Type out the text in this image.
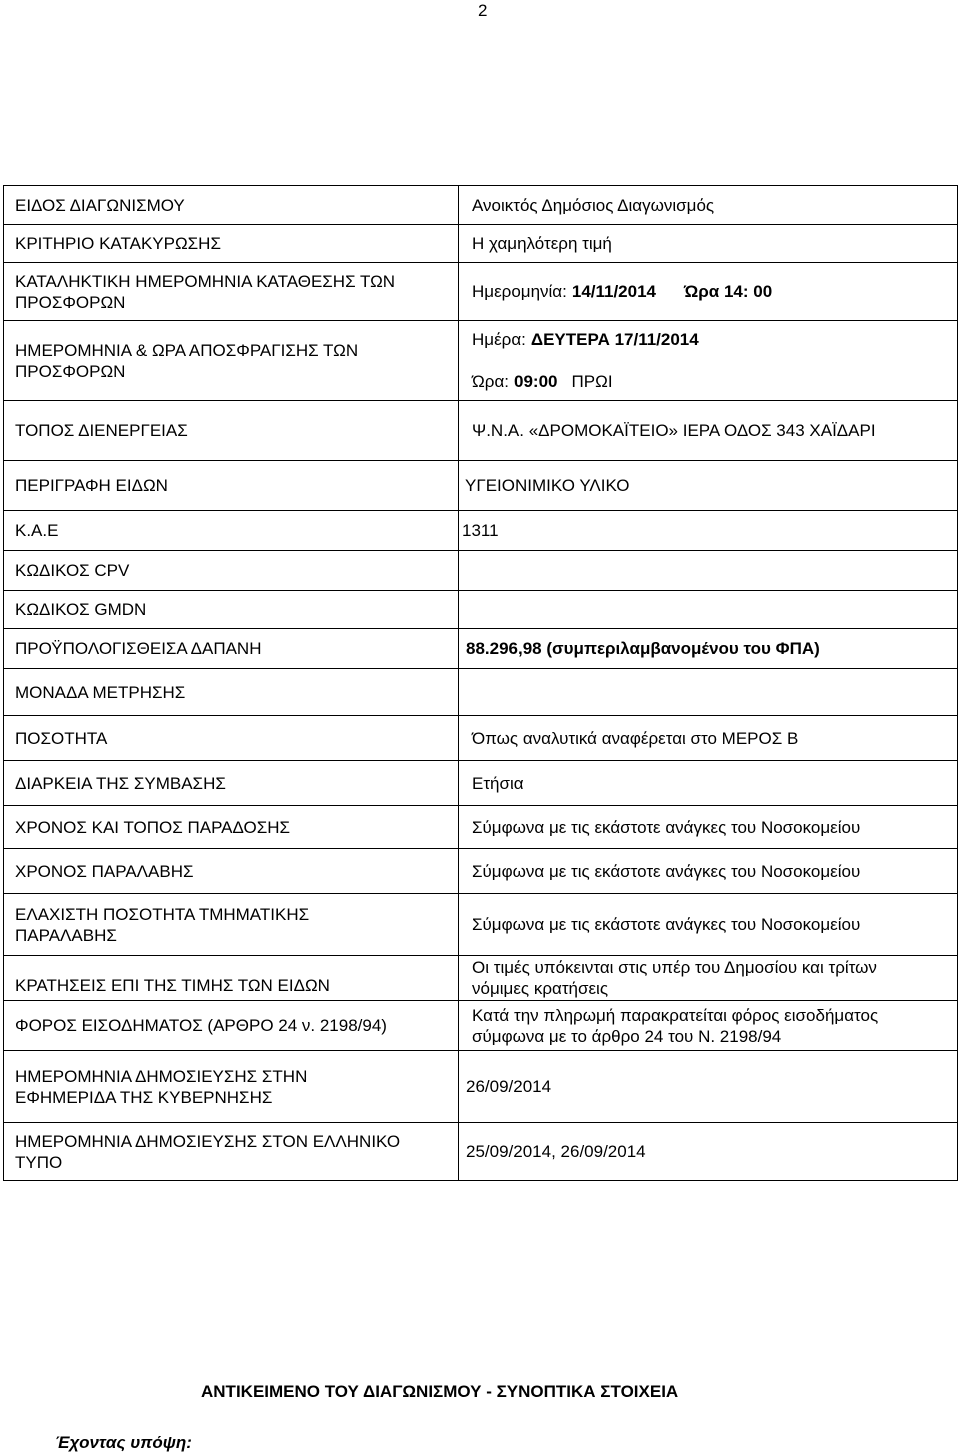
2
ΕΙΔΟΣ ΔΙΑΓΩΝΙΣΜΟΥ	Ανοικτός Δημόσιος Διαγωνισμός

ΚΡΙΤΗΡΙΟ ΚΑΤΑΚΥΡΩΣΗΣ	Η χαμηλότερη τιμή

ΚΑΤΑΛΗΚΤΙΚΗ ΗΜΕΡΟΜΗΝΙΑ ΚΑΤΑΘΕΣΗΣ ΤΩΝ
ΠΡΟΣΦΟΡΩΝ	Ημερομηνία: 14/11/2014 Ώρα 14: 00

ΗΜΕΡΟΜΗΝΙΑ & ΩΡΑ ΑΠΟΣΦΡΑΓΙΣΗΣ ΤΩΝ
ΠΡΟΣΦΟΡΩΝ	Ημέρα: ΔΕΥΤΕΡΑ 17/11/2014
Ώρα: 09:00 ΠΡΩΙ

ΤΟΠΟΣ ΔΙΕΝΕΡΓΕΙΑΣ	Ψ.Ν.Α. «ΔΡΟΜΟΚΑΪΤΕΙΟ» ΙΕΡΑ ΟΔΟΣ 343 ΧΑΪΔΑΡΙ

ΠΕΡΙΓΡΑΦΗ ΕΙΔΩΝ	ΥΓΕΙΟΝΙΜΙΚΟ ΥΛΙΚΟ

Κ.Α.Ε	1311

ΚΩΔΙΚΟΣ CPV	

ΚΩΔΙΚΟΣ GMDN	

ΠΡΟΫΠΟΛΟΓΙΣΘΕΙΣΑ ΔΑΠΑΝΗ	88.296,98 (συμπεριλαμβανομένου του ΦΠΑ)

ΜΟΝΑΔΑ ΜΕΤΡΗΣΗΣ	

ΠΟΣΟΤΗΤΑ	Όπως αναλυτικά αναφέρεται στο ΜΕΡΟΣ Β

ΔΙΑΡΚΕΙΑ ΤΗΣ ΣΥΜΒΑΣΗΣ	Ετήσια

ΧΡΟΝΟΣ ΚΑΙ ΤΟΠΟΣ ΠΑΡΑΔΟΣΗΣ	Σύμφωνα με τις εκάστοτε ανάγκες του Νοσοκομείου

ΧΡΟΝΟΣ ΠΑΡΑΛΑΒΗΣ	Σύμφωνα με τις εκάστοτε ανάγκες του Νοσοκομείου

ΕΛΑΧΙΣΤΗ ΠΟΣΟΤΗΤΑ ΤΜΗΜΑΤΙΚΗΣ
ΠΑΡΑΛΑΒΗΣ	Σύμφωνα με τις εκάστοτε ανάγκες του Νοσοκομείου

ΚΡΑΤΗΣΕΙΣ ΕΠΙ ΤΗΣ ΤΙΜΗΣ ΤΩΝ ΕΙΔΩΝ	Οι τιμές υπόκεινται στις υπέρ του Δημοσίου και τρίτων
νόμιμες κρατήσεις

ΦΟΡΟΣ ΕΙΣΟΔΗΜΑΤΟΣ (ΑΡΘΡΟ 24 ν. 2198/94)	Κατά την πληρωμή παρακρατείται φόρος εισοδήματος
σύμφωνα με το άρθρο 24 του Ν. 2198/94

ΗΜΕΡΟΜΗΝΙΑ ΔΗΜΟΣΙΕΥΣΗΣ ΣΤΗΝ
ΕΦΗΜΕΡΙΔΑ ΤΗΣ ΚΥΒΕΡΝΗΣΗΣ	26/09/2014

ΗΜΕΡΟΜΗΝΙΑ ΔΗΜΟΣΙΕΥΣΗΣ ΣΤΟΝ ΕΛΛΗΝΙΚΟ
ΤΥΠΟ	25/09/2014, 26/09/2014
ΑΝΤΙΚΕΙΜΕΝΟ ΤΟΥ ΔΙΑΓΩΝΙΣΜΟΥ - ΣΥΝΟΠΤΙΚΑ ΣΤΟΙΧΕΙΑ
Έχοντας υπόψη:
